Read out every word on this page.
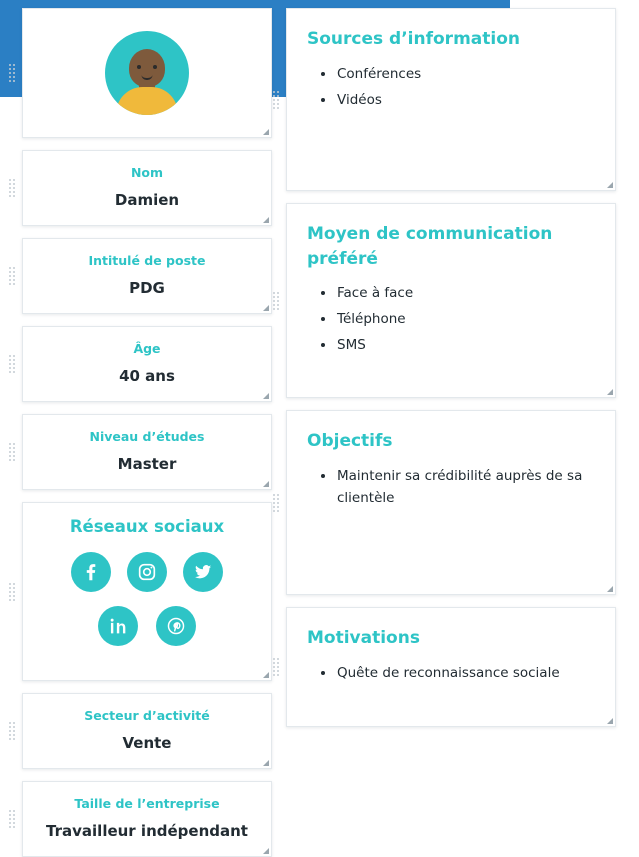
Nom
Damien
Intitulé de poste
PDG
Âge
40 ans
Niveau d’études
Master
Réseaux sociaux
Secteur d’activité
Vente
Taille de l’entreprise
Travailleur indépendant
Sources d’information
Conférences
Vidéos
Moyen de communication préféré
Face à face
Téléphone
SMS
Objectifs
Maintenir sa crédibilité auprès de sa clientèle
Motivations
Quête de reconnaissance sociale
